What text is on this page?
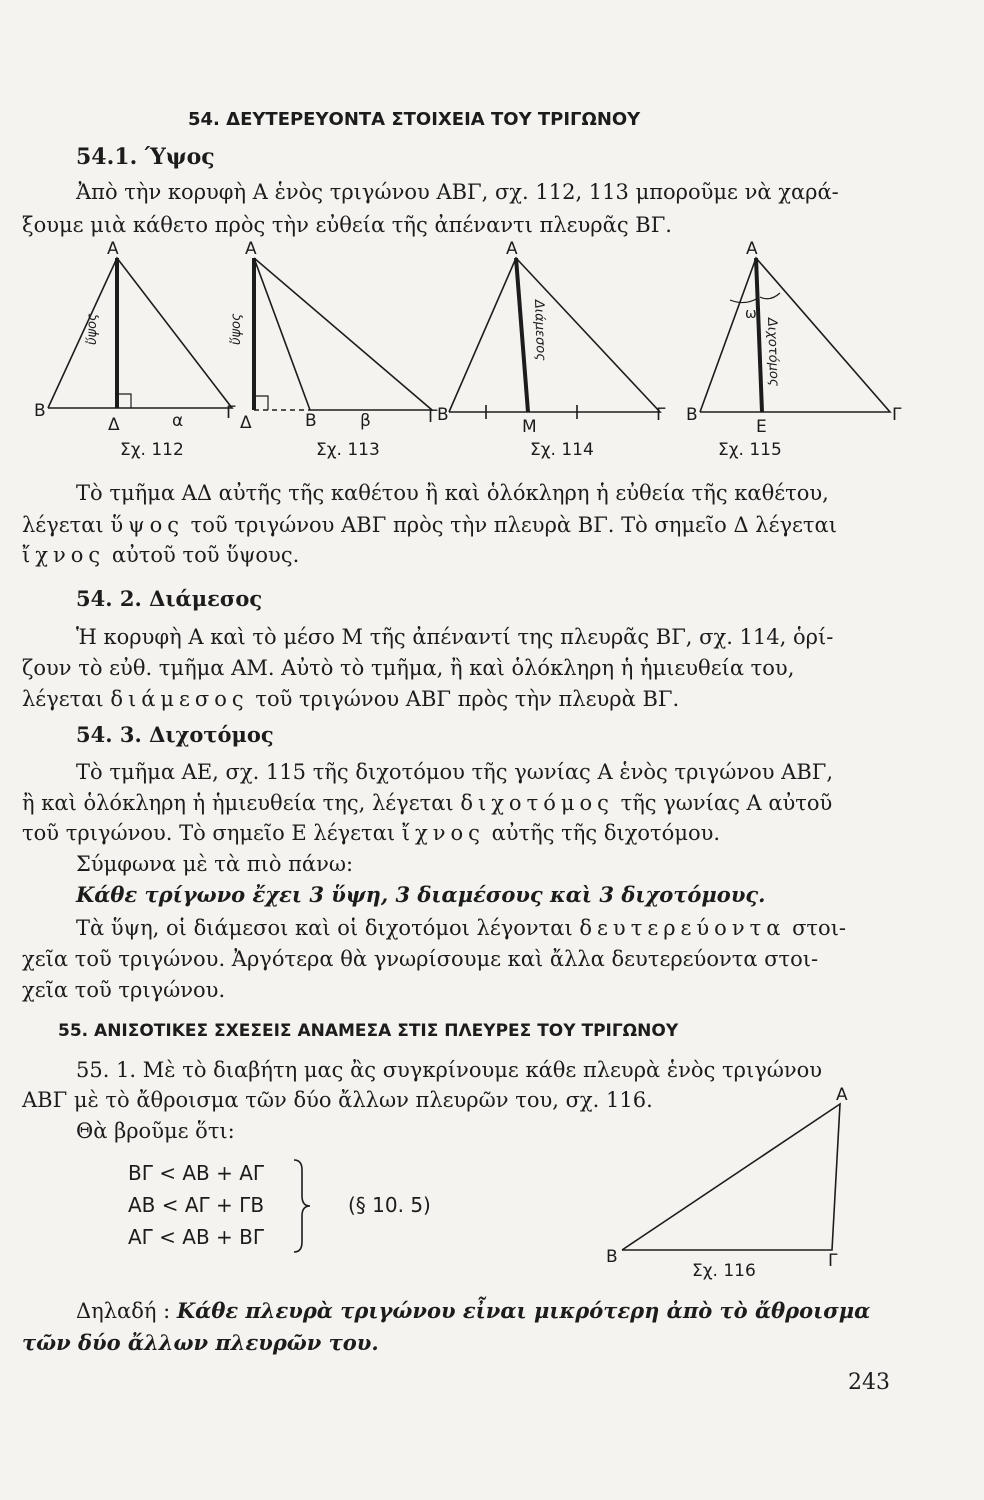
54. ΔΕΥΤΕΡΕΥΟΝΤΑ ΣΤΟΙΧΕΙΑ ΤΟΥ ΤΡΙΓΩΝΟΥ
54.1. Ύψος
Ἀπὸ τὴν κορυφὴ Α ἑνὸς τριγώνου ΑΒΓ, σχ. 112, 113 μποροῦμε νὰ χαρά-
ξουμε μιὰ κάθετο πρὸς τὴν εὐθεία τῆς ἀπέναντι πλευρᾶς ΒΓ.
Α
Β	Γ
Δ	α
ὕψος
Α
Β	Γ
Δ	β
ὕψος
Α
Β	Γ
Μ
Διάμεσος
Α
Β	Γ
Ε
ω
Διχοτόμος
Σχ. 112	Σχ. 113	Σχ. 114	Σχ. 115
Τὸ τμῆμα ΑΔ αὐτῆς τῆς καθέτου ἢ καὶ ὁλόκληρη ἡ εὐθεία τῆς καθέτου,
λέγεται ὕψος τοῦ τριγώνου ΑΒΓ πρὸς τὴν πλευρὰ ΒΓ. Τὸ σημεῖο Δ λέγεται
ἴχνος αὐτοῦ τοῦ ὕψους.
54. 2. Διάμεσος
Ἡ κορυφὴ Α καὶ τὸ μέσο Μ τῆς ἀπέναντί της πλευρᾶς ΒΓ, σχ. 114, ὁρί-
ζουν τὸ εὐθ. τμῆμα ΑΜ. Αὐτὸ τὸ τμῆμα, ἢ καὶ ὁλόκληρη ἡ ἡμιευθεία του,
λέγεται διάμεσος τοῦ τριγώνου ΑΒΓ πρὸς τὴν πλευρὰ ΒΓ.
54. 3. Διχοτόμος
Τὸ τμῆμα ΑΕ, σχ. 115 τῆς διχοτόμου τῆς γωνίας Α ἑνὸς τριγώνου ΑΒΓ,
ἢ καὶ ὁλόκληρη ἡ ἡμιευθεία της, λέγεται διχοτόμος τῆς γωνίας Α αὐτοῦ
τοῦ τριγώνου. Τὸ σημεῖο Ε λέγεται ἴχνος αὐτῆς τῆς διχοτόμου.
Σύμφωνα μὲ τὰ πιὸ πάνω:
Κάθε τρίγωνο ἔχει 3 ὕψη, 3 διαμέσους καὶ 3 διχοτόμους.
Τὰ ὕψη, οἱ διάμεσοι καὶ οἱ διχοτόμοι λέγονται δευτερεύοντα στοι-
χεῖα τοῦ τριγώνου. Ἀργότερα θὰ γνωρίσουμε καὶ ἄλλα δευτερεύοντα στοι-
χεῖα τοῦ τριγώνου.
55. ΑΝΙΣΟΤΙΚΕΣ ΣΧΕΣΕΙΣ ΑΝΑΜΕΣΑ ΣΤΙΣ ΠΛΕΥΡΕΣ ΤΟΥ ΤΡΙΓΩΝΟΥ
55. 1. Μὲ τὸ διαβήτη μας ἂς συγκρίνουμε κάθε πλευρὰ ἑνὸς τριγώνου
ΑΒΓ μὲ τὸ ἄθροισμα τῶν δύο ἄλλων πλευρῶν του, σχ. 116.
Θὰ βροῦμε ὅτι:
ΒΓ < ΑΒ + ΑΓ
ΑΒ < ΑΓ + ΓΒ
ΑΓ < ΑΒ + ΒΓ
(§ 10. 5)
Α
Β	Γ
Σχ. 116
Δηλαδή : Κάθε πλευρὰ τριγώνου εἶναι μικρότερη ἀπὸ τὸ ἄθροισμα
τῶν δύο ἄλλων πλευρῶν του.
243
